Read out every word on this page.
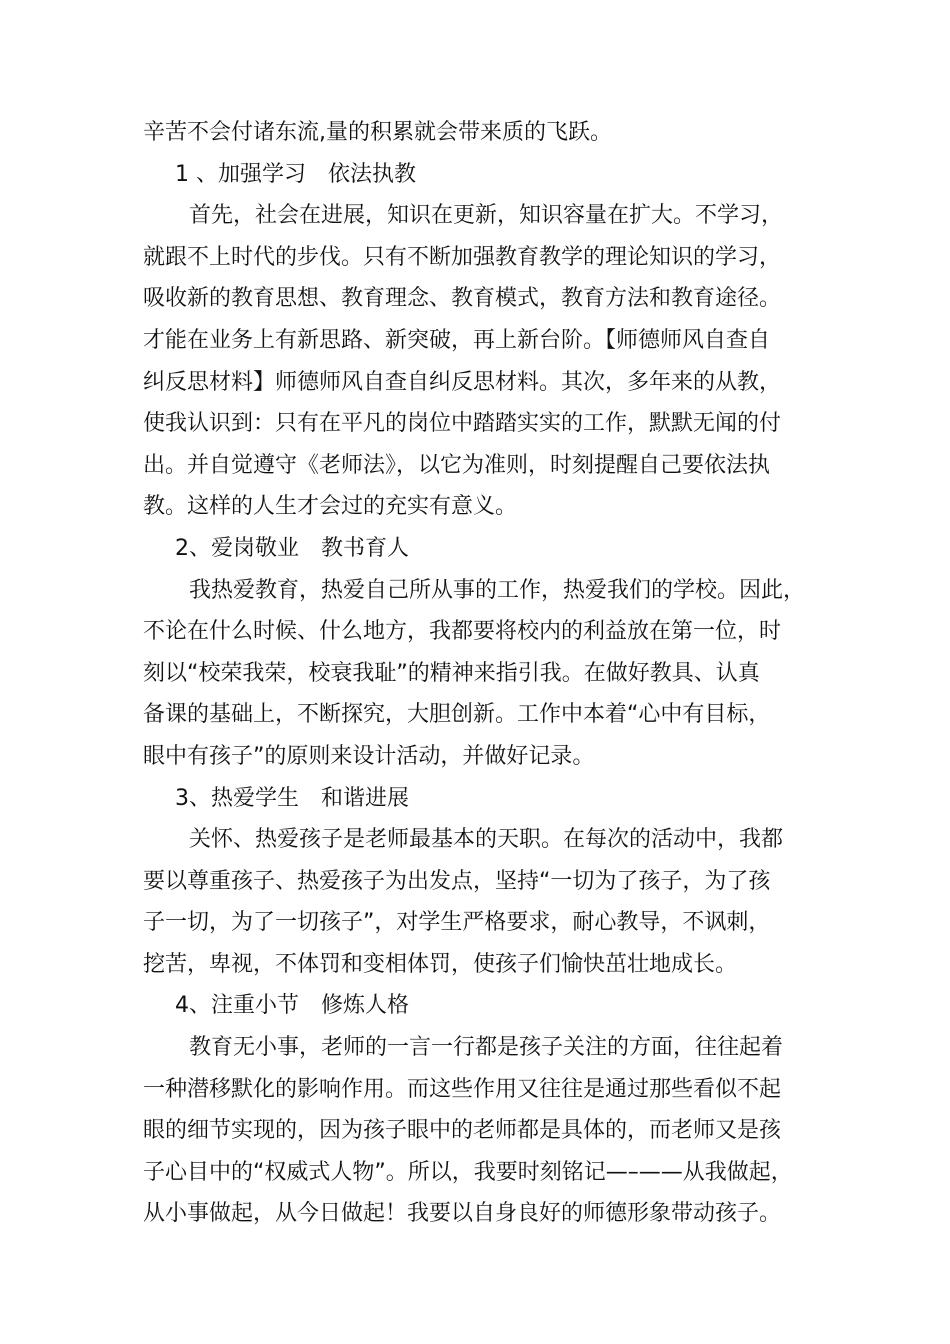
辛苦不会付诸东流,量的积累就会带来质的飞跃。
1 、加强学习　依法执教
首先，社会在进展，知识在更新，知识容量在扩大。不学习，
就跟不上时代的步伐。只有不断加强教育教学的理论知识的学习，
吸收新的教育思想、教育理念、教育模式，教育方法和教育途径。
才能在业务上有新思路、新突破，再上新台阶。【师德师风自查自
纠反思材料】师德师风自查自纠反思材料。其次，多年来的从教，
使我认识到：只有在平凡的岗位中踏踏实实的工作，默默无闻的付
出。并自觉遵守《老师法》，以它为准则，时刻提醒自己要依法执
教。这样的人生才会过的充实有意义。
2、爱岗敬业　教书育人
我热爱教育，热爱自己所从事的工作，热爱我们的学校。因此，
不论在什么时候、什么地方，我都要将校内的利益放在第一位，时
刻以“校荣我荣，校衰我耻”的精神来指引我。在做好教具、认真
备课的基础上，不断探究，大胆创新。工作中本着“心中有目标，
眼中有孩子”的原则来设计活动，并做好记录。
3、热爱学生　和谐进展
关怀、热爱孩子是老师最基本的天职。在每次的活动中，我都
要以尊重孩子、热爱孩子为出发点，坚持“一切为了孩子，为了孩
子一切，为了一切孩子”，对学生严格要求，耐心教导，不讽刺，
挖苦，卑视，不体罚和变相体罚，使孩子们愉快茁壮地成长。
4、注重小节　修炼人格
教育无小事，老师的一言一行都是孩子关注的方面，往往起着
一种潜移默化的影响作用。而这些作用又往往是通过那些看似不起
眼的细节实现的，因为孩子眼中的老师都是具体的，而老师又是孩
子心目中的“权威式人物”。所以，我要时刻铭记—–——从我做起，
从小事做起，从今日做起！我要以自身良好的师德形象带动孩子。
